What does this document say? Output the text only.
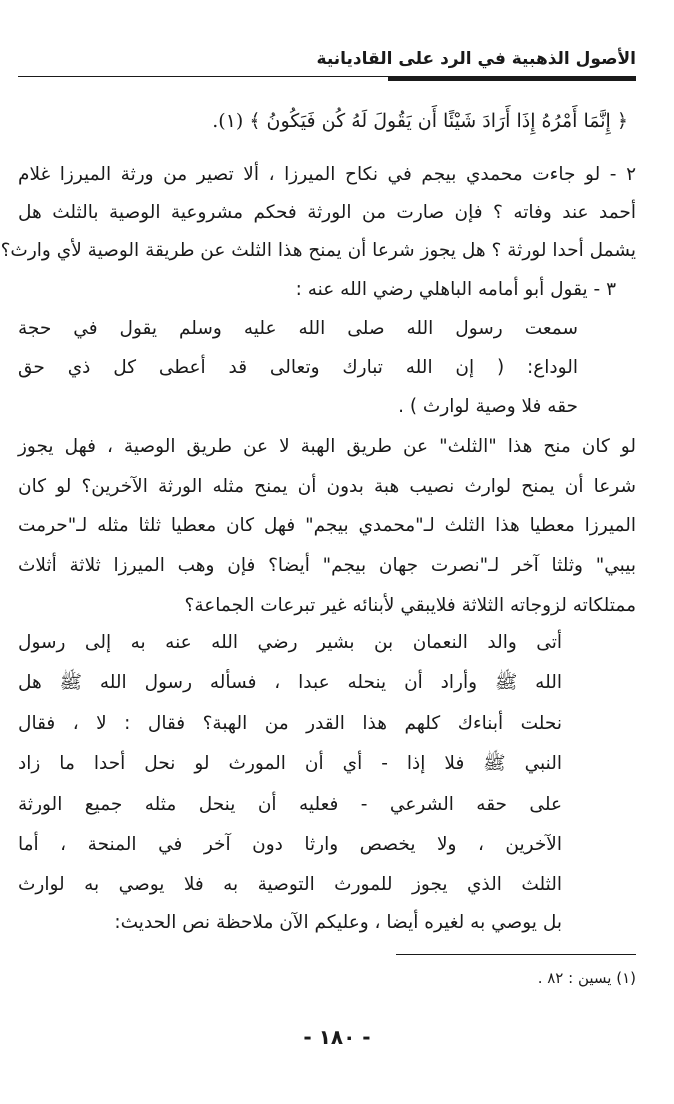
الأصول الذهبية في الرد على القاديانية
﴿ إِنَّمَا أَمْرُهُ إِذَا أَرَادَ شَيْئًا أَن يَقُولَ لَهُ كُن فَيَكُونُ ﴾ (١).
٢ - لو جاءت محمدي بيجم في نكاح الميرزا ، ألا تصير من ورثة الميرزا غلام
أحمد عند وفاته ؟ فإن صارت من الورثة فحكم مشروعية الوصية بالثلث هل
يشمل أحدا لورثة ؟ هل يجوز شرعا أن يمنح هذا الثلث عن طريقة الوصية لأي وارث؟
٣ - يقول أبو أمامه الباهلي رضي الله عنه :
سمعت رسول الله صلى الله عليه وسلم يقول في حجة
الوداع: ( إن الله تبارك وتعالى قد أعطى كل ذي حق
حقه فلا وصية لوارث ) .
لو كان منح هذا "الثلث" عن طريق الهبة لا عن طريق الوصية ، فهل يجوز
شرعا أن يمنح لوارث نصيب هبة بدون أن يمنح مثله الورثة الآخرين؟ لو كان
الميرزا معطيا هذا الثلث لـ"محمدي بيجم" فهل كان معطيا ثلثا مثله لـ"حرمت
بيبي" وثلثا آخر لـ"نصرت جهان بيجم" أيضا؟ فإن وهب الميرزا ثلاثة أثلاث
ممتلكاته لزوجاته الثلاثة فلايبقي لأبنائه غير تبرعات الجماعة؟
أتى والد النعمان بن بشير رضي الله عنه به إلى رسول
الله ﷺ وأراد أن ينحله عبدا ، فسأله رسول الله ﷺ هل
نحلت أبناءك كلهم هذا القدر من الهبة؟ فقال : لا ، فقال
النبي ﷺ فلا إذا - أي أن المورث لو نحل أحدا ما زاد
على حقه الشرعي - فعليه أن ينحل مثله جميع الورثة
الآخرين ، ولا يخصص وارثا دون آخر في المنحة ، أما
الثلث الذي يجوز للمورث التوصية به فلا يوصي به لوارث
بل يوصي به لغيره أيضا ، وعليكم الآن ملاحظة نص الحديث:
(١) يسين : ٨٢ .
- ١٨٠ -
